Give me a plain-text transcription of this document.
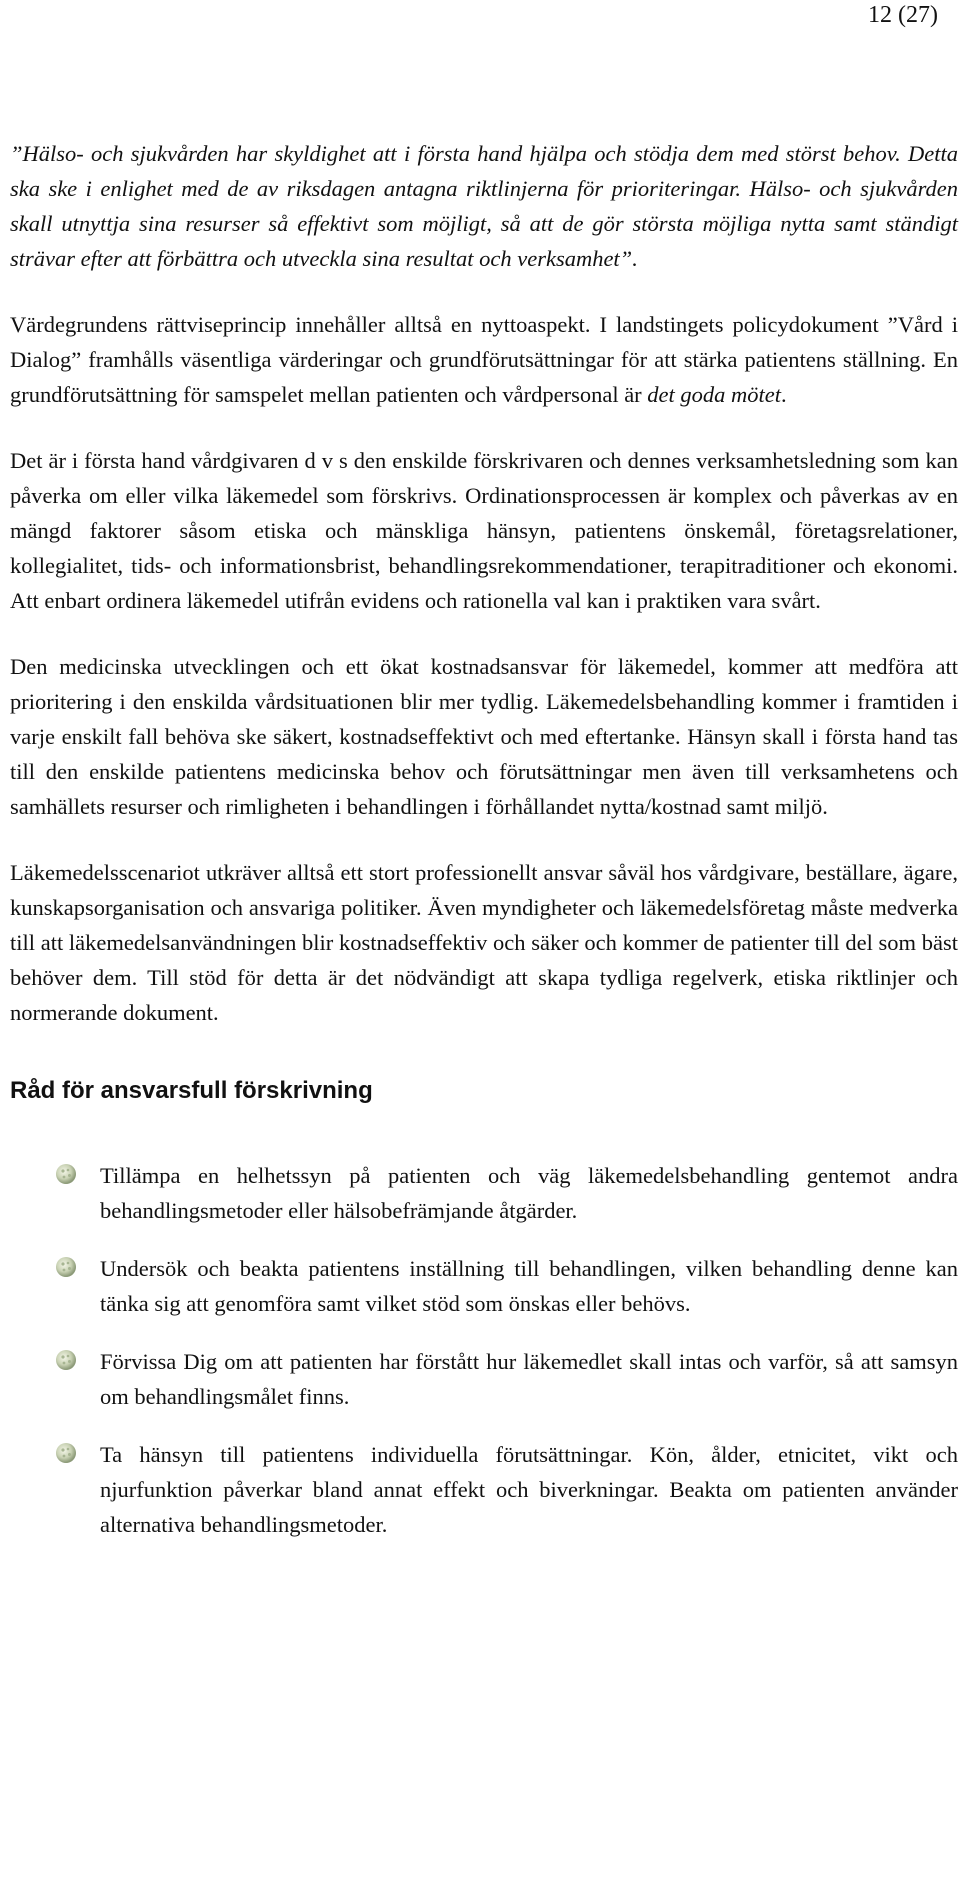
12 (27)

”Hälso- och sjukvården har skyldighet att i första hand hjälpa och stödja dem med störst behov. Detta ska ske i enlighet med de av riksdagen antagna riktlinjerna för prioriteringar. Hälso- och sjukvården skall utnyttja sina resurser så effektivt som möjligt, så att de gör största möjliga nytta samt ständigt strävar efter att förbättra och utveckla sina resultat och verksamhet”.

Värdegrundens rättviseprincip innehåller alltså en nyttoaspekt. I landstingets policydokument ”Vård i Dialog” framhålls väsentliga värderingar och grundförutsättningar för att stärka patientens ställning. En grundförutsättning för samspelet mellan patienten och vårdpersonal är det goda mötet.

Det är i första hand vårdgivaren d v s den enskilde förskrivaren och dennes verksamhetsledning som kan påverka om eller vilka läkemedel som förskrivs. Ordinationsprocessen är komplex och påverkas av en mängd faktorer såsom etiska och mänskliga hänsyn, patientens önskemål, företagsrelationer, kollegialitet, tids- och informationsbrist, behandlingsrekommendationer, terapitraditioner och ekonomi. Att enbart ordinera läkemedel utifrån evidens och rationella val kan i praktiken vara svårt.

Den medicinska utvecklingen och ett ökat kostnadsansvar för läkemedel, kommer att medföra att prioritering i den enskilda vårdsituationen blir mer tydlig. Läkemedelsbehandling kommer i framtiden i varje enskilt fall behöva ske säkert, kostnadseffektivt och med eftertanke. Hänsyn skall i första hand tas till den enskilde patientens medicinska behov och förutsättningar men även till verksamhetens och samhällets resurser och rimligheten i behandlingen i förhållandet nytta/kostnad samt miljö.

Läkemedelsscenariot utkräver alltså ett stort professionellt ansvar såväl hos vårdgivare, beställare, ägare, kunskapsorganisation och ansvariga politiker. Även myndigheter och läkemedelsföretag måste medverka till att läkemedelsanvändningen blir kostnadseffektiv och säker och kommer de patienter till del som bäst behöver dem. Till stöd för detta är det nödvändigt att skapa tydliga regelverk, etiska riktlinjer och normerande dokument.

Råd för ansvarsfull förskrivning

Tillämpa en helhetssyn på patienten och väg läkemedelsbehandling gentemot andra behandlingsmetoder eller hälsobefrämjande åtgärder.

Undersök och beakta patientens inställning till behandlingen, vilken behandling denne kan tänka sig att genomföra samt vilket stöd som önskas eller behövs.

Förvissa Dig om att patienten har förstått hur läkemedlet skall intas och varför, så att samsyn om behandlingsmålet finns.

Ta hänsyn till patientens individuella förutsättningar. Kön, ålder, etnicitet, vikt och njurfunktion påverkar bland annat effekt och biverkningar. Beakta om patienten använder alternativa behandlingsmetoder.
